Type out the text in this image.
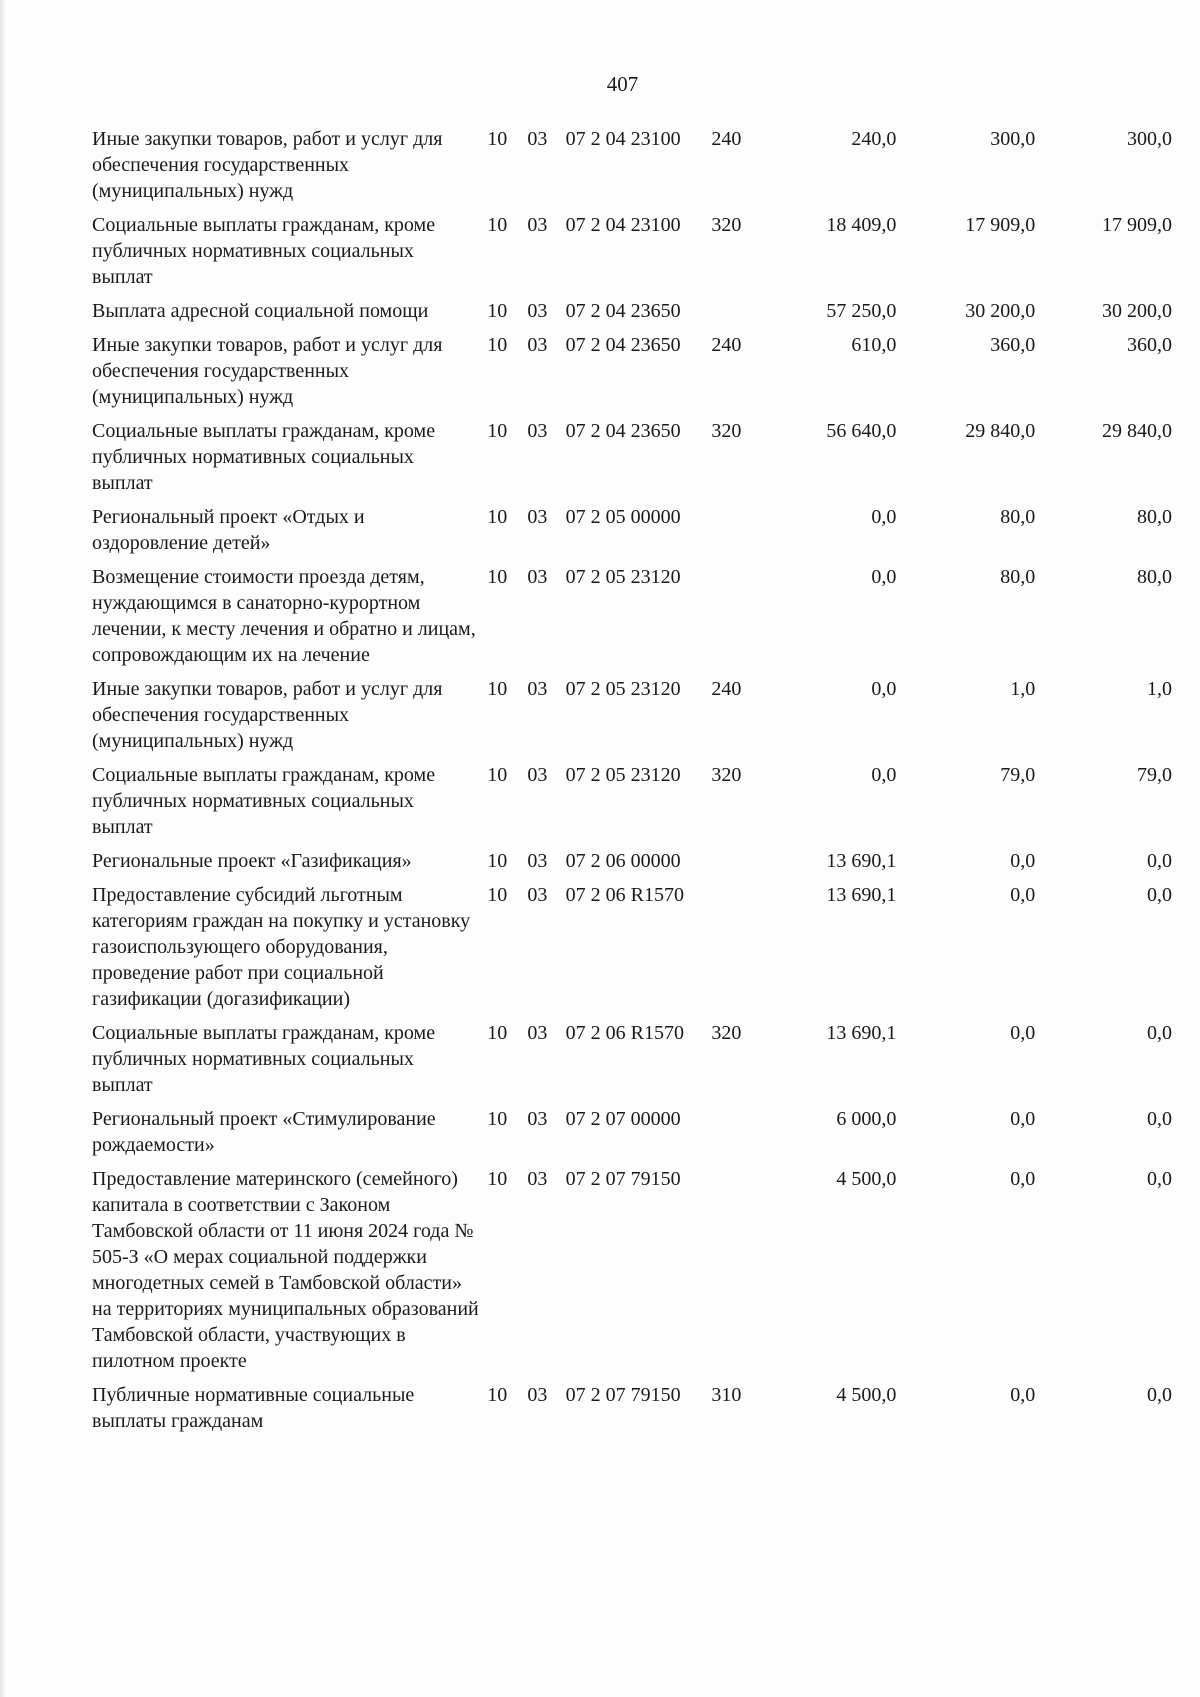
407
Иные закупки товаров, работ и услуг для обеспечения государственных (муниципальных) нужд	10	03	07 2 04 23100	240	240,0	300,0	300,0
Социальные выплаты гражданам, кроме публичных нормативных социальных выплат	10	03	07 2 04 23100	320	18 409,0	17 909,0	17 909,0
Выплата адресной социальной помощи	10	03	07 2 04 23650		57 250,0	30 200,0	30 200,0
Иные закупки товаров, работ и услуг для обеспечения государственных (муниципальных) нужд	10	03	07 2 04 23650	240	610,0	360,0	360,0
Социальные выплаты гражданам, кроме публичных нормативных социальных выплат	10	03	07 2 04 23650	320	56 640,0	29 840,0	29 840,0
Региональный проект «Отдых и оздоровление детей»	10	03	07 2 05 00000		0,0	80,0	80,0
Возмещение стоимости проезда детям, нуждающимся в санаторно-курортном лечении, к месту лечения и обратно и лицам, сопровождающим их на лечение	10	03	07 2 05 23120		0,0	80,0	80,0
Иные закупки товаров, работ и услуг для обеспечения государственных (муниципальных) нужд	10	03	07 2 05 23120	240	0,0	1,0	1,0
Социальные выплаты гражданам, кроме публичных нормативных социальных выплат	10	03	07 2 05 23120	320	0,0	79,0	79,0
Региональные проект «Газификация»	10	03	07 2 06 00000		13 690,1	0,0	0,0
Предоставление субсидий льготным категориям граждан на покупку и установку газоиспользующего оборудования, проведение работ при социальной газификации (догазификации)	10	03	07 2 06 R1570		13 690,1	0,0	0,0
Социальные выплаты гражданам, кроме публичных нормативных социальных выплат	10	03	07 2 06 R1570	320	13 690,1	0,0	0,0
Региональный проект «Стимулирование рождаемости»	10	03	07 2 07 00000		6 000,0	0,0	0,0
Предоставление материнского (семейного) капитала в соответствии с Законом Тамбовской области от 11 июня 2024 года № 505-З «О мерах социальной поддержки многодетных семей в Тамбовской области» на территориях муниципальных образований Тамбовской области, участвующих в пилотном проекте	10	03	07 2 07 79150		4 500,0	0,0	0,0
Публичные нормативные социальные выплаты гражданам	10	03	07 2 07 79150	310	4 500,0	0,0	0,0
